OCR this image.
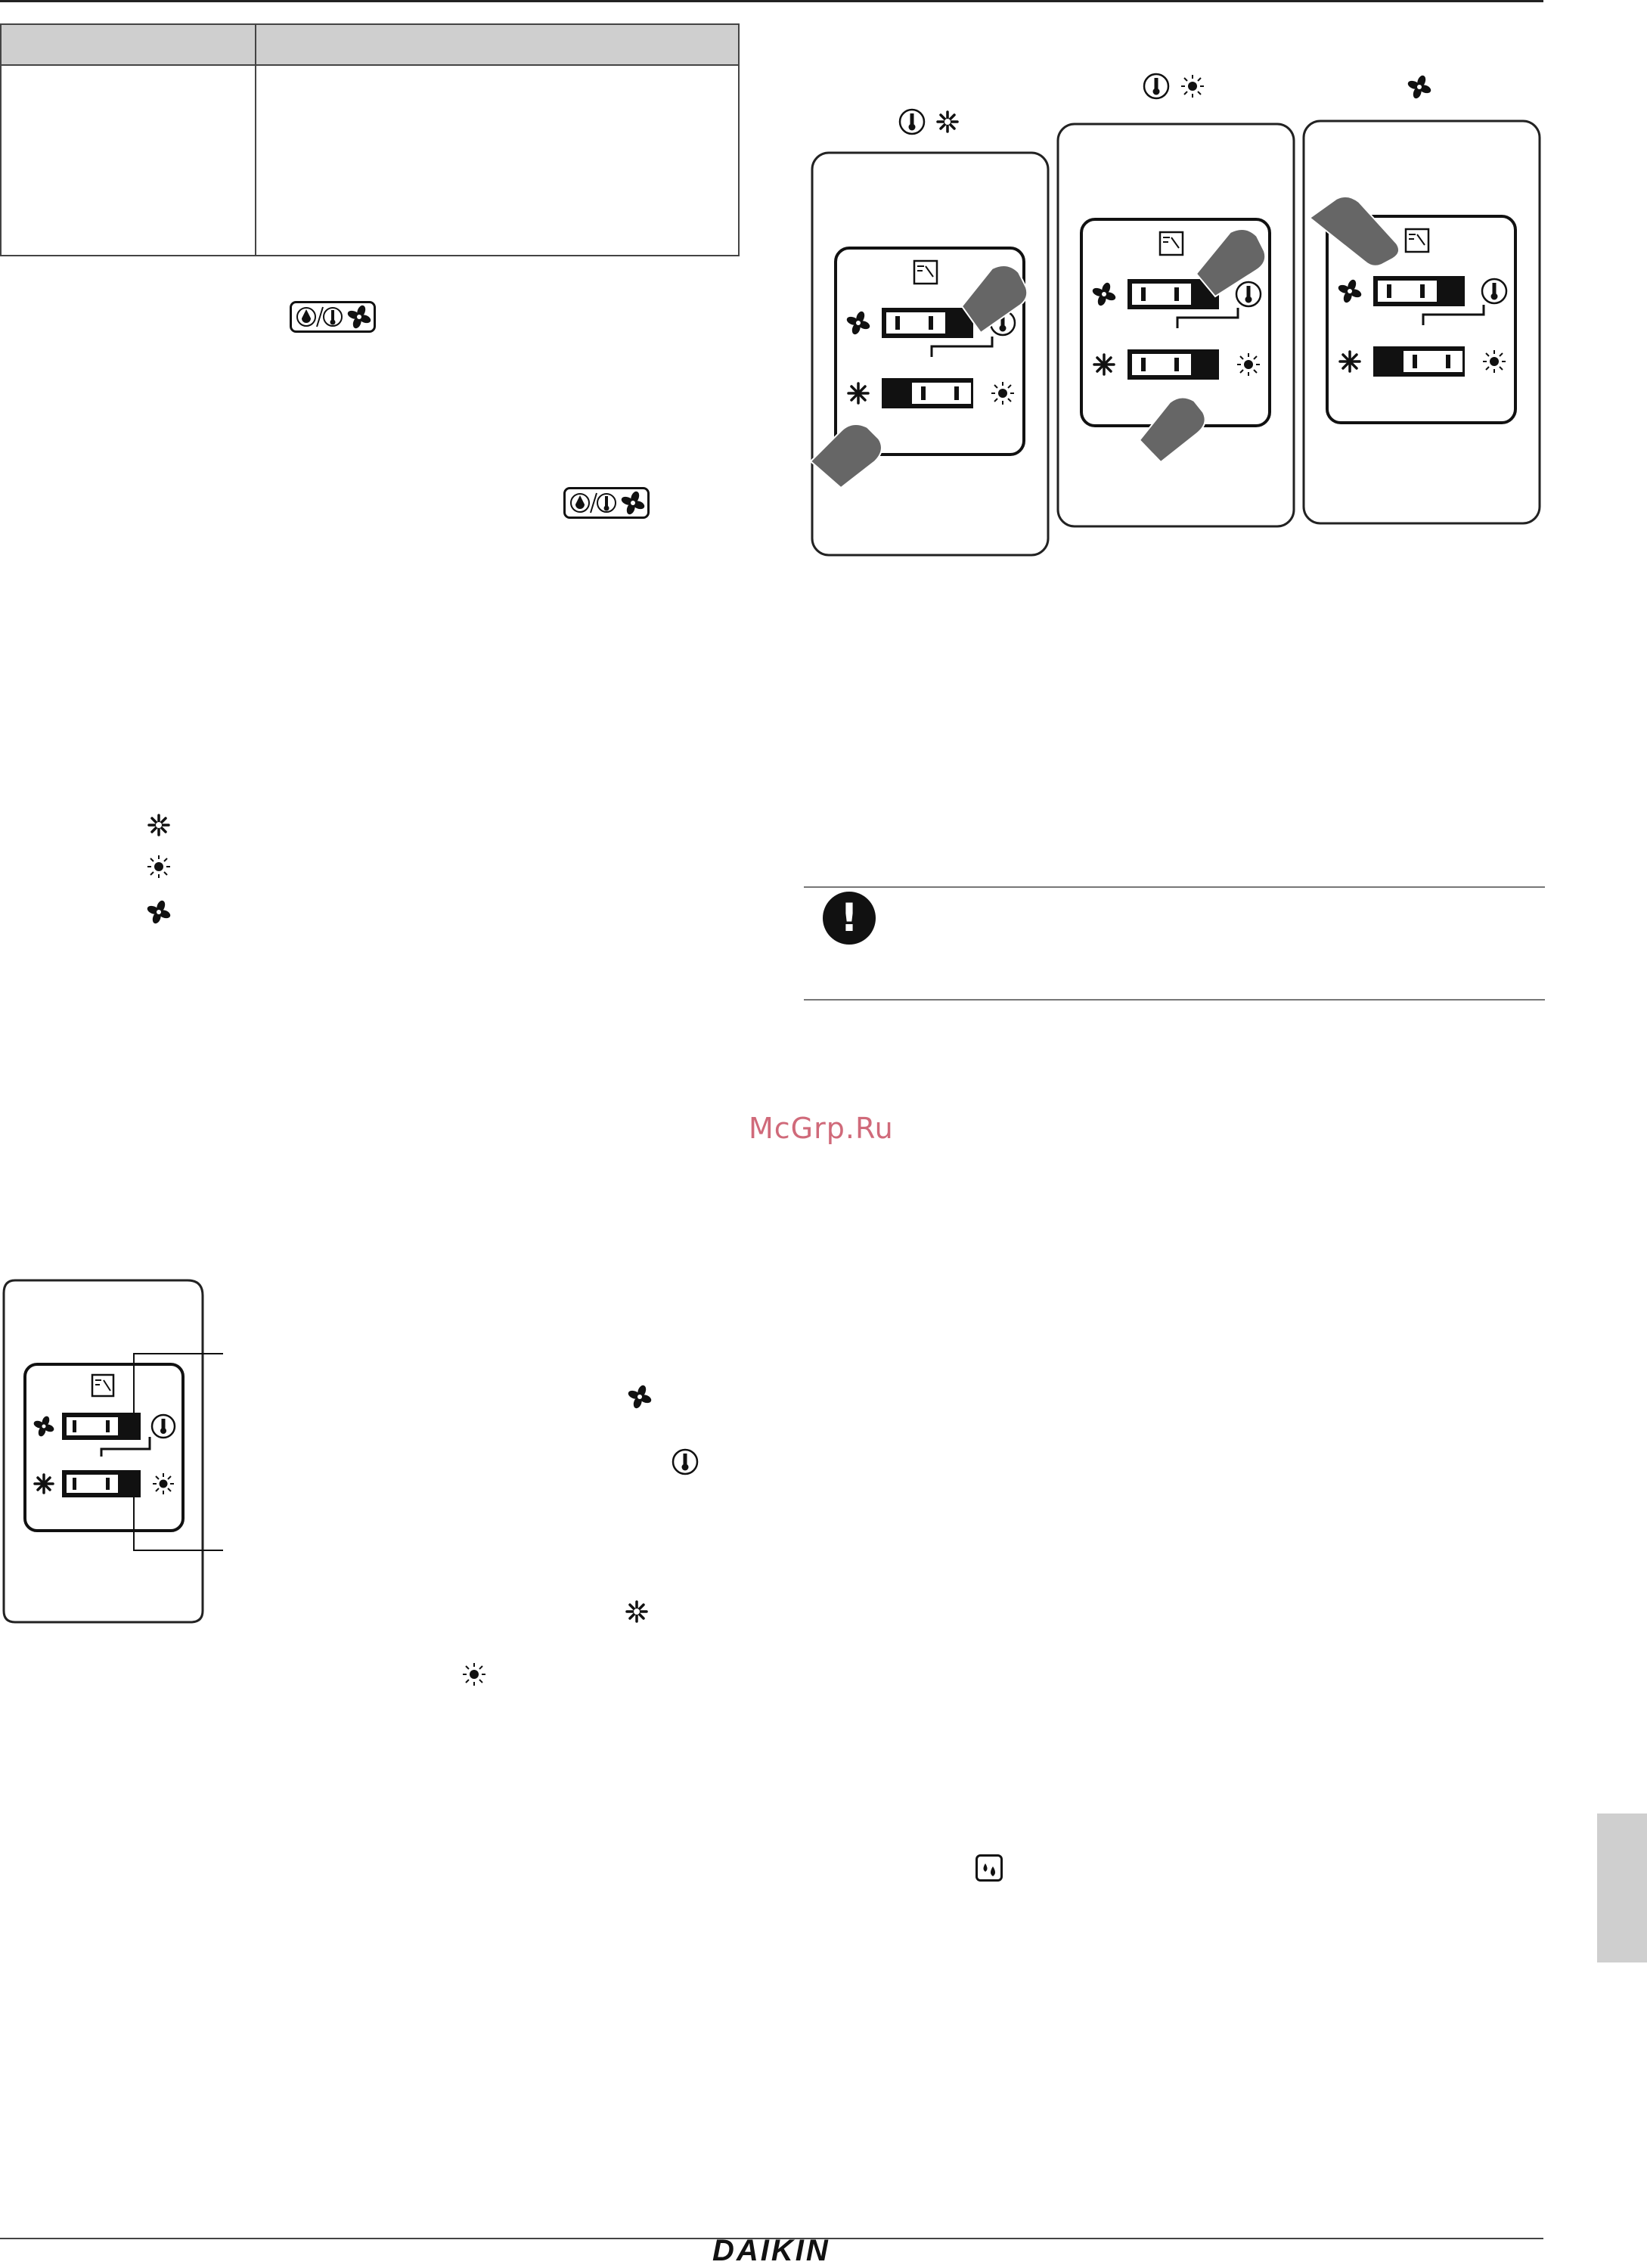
!
McGrp.Ru
DAIKIN
